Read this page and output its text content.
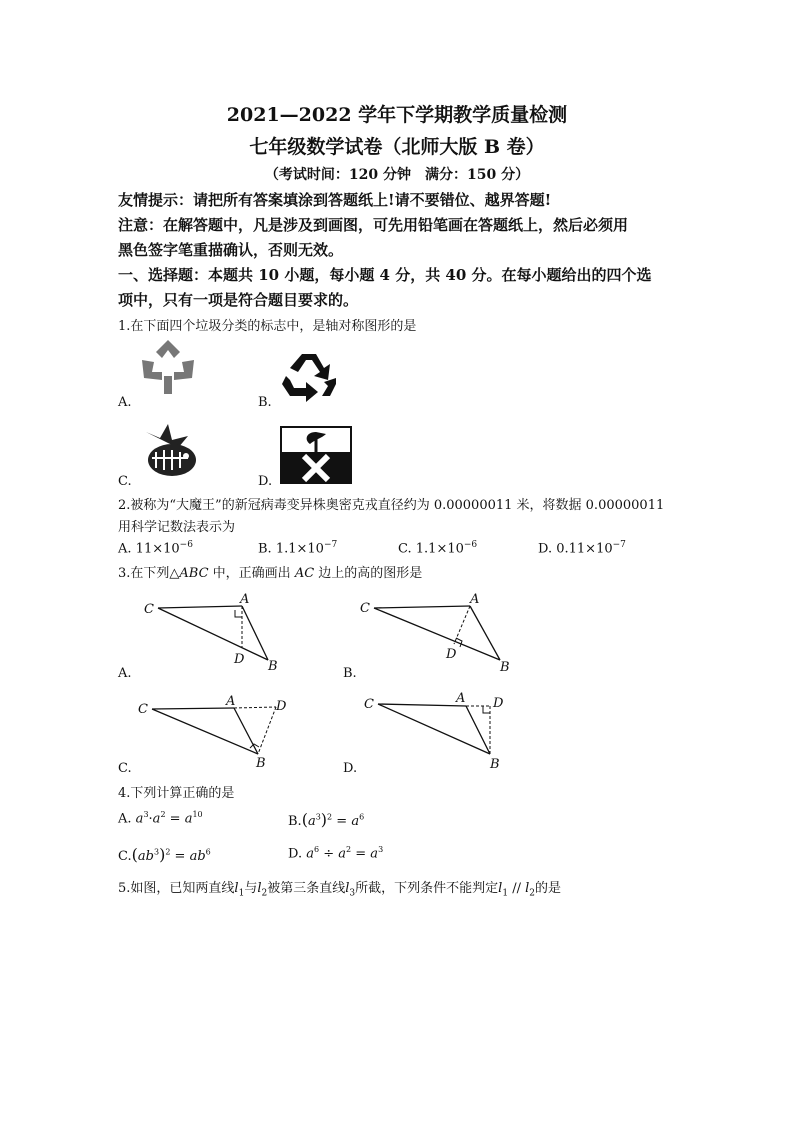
2021—2022 学年下学期教学质量检测
七年级数学试卷（北师大版 B 卷）
（考试时间：120 分钟　满分：150 分）
友情提示：请把所有答案填涂到答题纸上!请不要错位、越界答题!
注意：在解答题中，凡是涉及到画图，可先用铅笔画在答题纸上，然后必须用
黑色签字笔重描确认，否则无效。
一、选择题：本题共 10 小题，每小题 4 分，共 40 分。在每小题给出的四个选
项中，只有一项是符合题目要求的。
1.在下面四个垃圾分类的标志中，是轴对称图形的是
A.	B.
C.	D.
2.被称为“大魔王”的新冠病毒变异株奥密克戎直径约为 0.00000011 米，将数据 0.00000011
用科学记数法表示为
A. $11\times 10^{-6}$	B. $1.1\times 10^{-7}$	C. $1.1\times 10^{-6}$	D. $0.11\times 10^{-7}$
3.在下列△ABC 中，正确画出 AC 边上的高的图形是
C
A
D B
A.
C
A
D
B
B.
C
A	D
B
C.
C	A D
B
D.
4.下列计算正确的是
A. $a^3\cdot a^2 = a^{10}$	$B.(a^3)^2 = a^6$
$C.(ab^3)^2 = ab^6$	D. $a^6 \div a^2 = a^3$
5.如图，已知两直线$l_1$与$l_2$被第三条直线$l_3$所截，下列条件不能判定$l_1 // l_2$的是
